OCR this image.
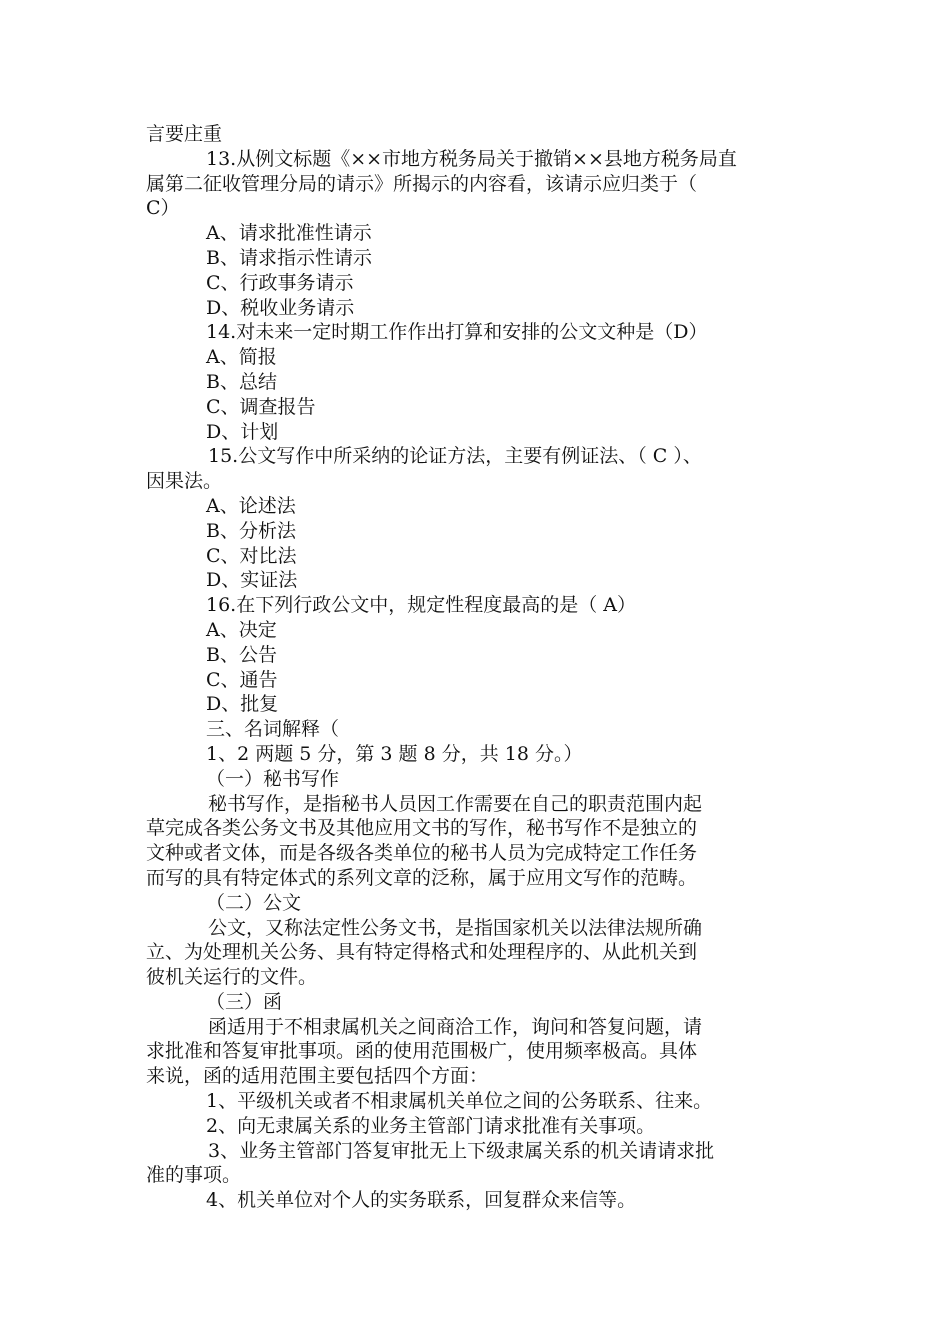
言要庄重
13.从例文标题《××市地方税务局关于撤销××县地方税务局直
属第二征收管理分局的请示》所揭示的内容看，该请示应归类于（
C）
A、请求批准性请示
B、请求指示性请示
C、行政事务请示
D、税收业务请示
14.对未来一定时期工作作出打算和安排的公文文种是（D）
A、简报
B、总结
C、调查报告
D、计划
15.公文写作中所采纳的论证方法，主要有例证法、（ C ）、
因果法。
A、论述法
B、分析法
C、对比法
D、实证法
16.在下列行政公文中，规定性程度最高的是（ A）
A、决定
B、公告
C、通告
D、批复
三、名词解释（
1、2 两题 5 分，第 3 题 8 分，共 18 分。）
（一）秘书写作
秘书写作，是指秘书人员因工作需要在自己的职责范围内起
草完成各类公务文书及其他应用文书的写作，秘书写作不是独立的
文种或者文体，而是各级各类单位的秘书人员为完成特定工作任务
而写的具有特定体式的系列文章的泛称，属于应用文写作的范畴。
（二）公文
公文，又称法定性公务文书，是指国家机关以法律法规所确
立、为处理机关公务、具有特定得格式和处理程序的、从此机关到
彼机关运行的文件。
（三）函
函适用于不相隶属机关之间商洽工作，询问和答复问题，请
求批准和答复审批事项。函的使用范围极广，使用频率极高。具体
来说，函的适用范围主要包括四个方面：
1、平级机关或者不相隶属机关单位之间的公务联系、往来。
2、向无隶属关系的业务主管部门请求批准有关事项。
3、业务主管部门答复审批无上下级隶属关系的机关请请求批
准的事项。
4、机关单位对个人的实务联系，回复群众来信等。
